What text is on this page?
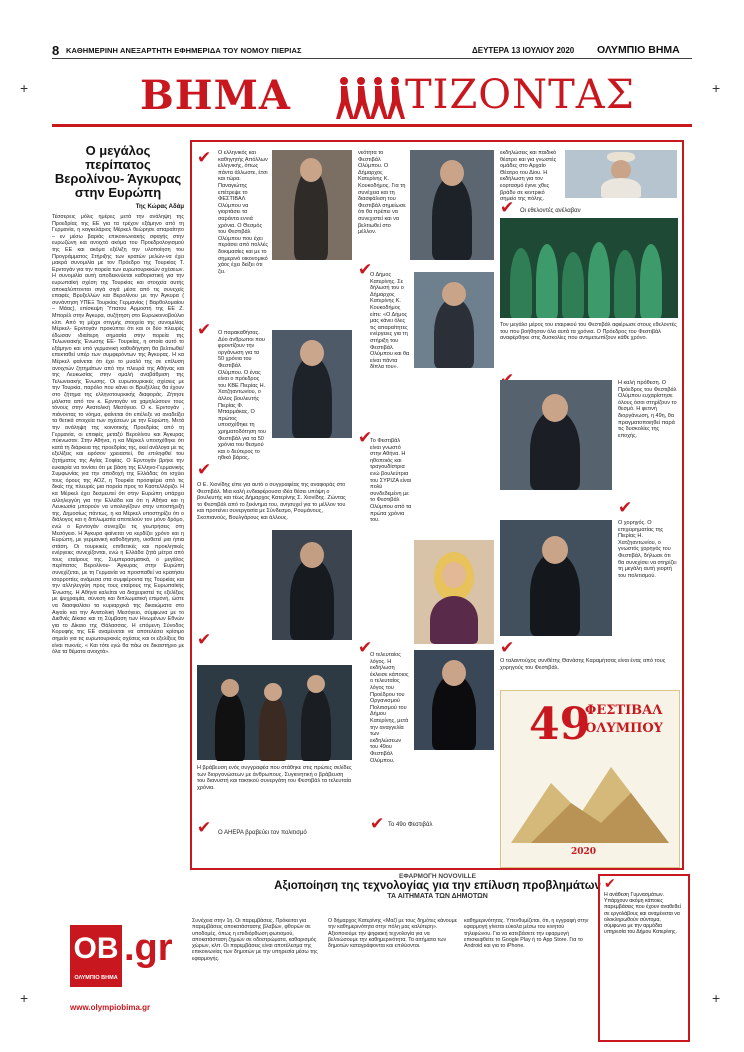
8 ΚΑΘΗΜΕΡΙΝΗ ΑΝΕΞΑΡΤΗΤΗ ΕΦΗΜΕΡΙΔΑ ΤΟΥ ΝΟΜΟΥ ΠΙΕΡΙΑΣ	ΔΕΥΤΕΡΑ 13 ΙΟΥΛΙΟΥ 2020 ΟΛΥΜΠΙΟ ΒΗΜΑ
+	+
+	+
ΒΗΜΑ	ΤΙΖΟΝΤΑΣ
Ο μεγάλος περίπατος Βερολίνου- Άγκυρας στην Ευρώπη
Της Κώρας Αδάμ
Τέσσερεις μόλις ημέρες μετά την ανάληψη της Προεδρίας της ΕΕ για τα τρέχον εξάμηνο από τη Γερμανία, η καγκελάριος Μέρκελ θεώρησε απαραίτητο – εν μέσω βαριάς επικοινωνιακής σφαγής στην ευρωζώνη και ανοιχτά ακόμα του Προεδρολογισμού της ΕΕ και ακόμα εξέλιξη την υλοποίηση του Προγράμματος Στήριξης των κρατών μελών-να έχει μακρά συνομιλία με τον Πρόεδρο της Τουρκίας Τ. Ερντογάν για την πορεία των ευρωτουρκικών σχέσεων. Η συνομιλία αυτή αποδεικνύεται καθοριστική για την ευρωπαϊκή σχέση της Τουρκίας και στοιχεία αυτής αποκαλύπτονται σιγά σιγά μέσα από τις συνεχείς επαφές Βρυξελλών και Βερολίνου με την Άγκυρα ( συνάντηση ΥΠΕΞ Τουρκίας Γερμανίας ( Βαρθολομαίου – Μάας), επίσκεψη Ύπατου Αρμοστή της ΕΕ Ζ. Μπορέλ στην Άγκυρα, συζήτηση στο Ευρωκοινοβούλιο κλπ. Από τη μέχρι στιγμής στοιχεία της συνομιλίας Μέρκελ- Ερντογάν προκύπτει ότι και οι δύο πλευρές έδωσαν ιδιαίτερη σημασία στην πορεία της Τελωνειακής Ένωσης ΕΕ- Τουρκίας, η οποία αυτό το εξάμηνο και υπό γερμανική καθοδήγηση θα βελτιωθεί/επεκταθεί υπέρ των συμφερόντων της Άγκυρας. Η κα Μέρκελ φαίνεται ότι έχει το μυαλό της σε επίλυση ανοιχτών ζητημάτων από την πλευρά της Αθήνας και της Λευκωσίας στην ομαλή αναβάθμιση της Τελωνειακής Ένωσης. Οι ευρωτουρκικές σχέσεις με την Τουρκία, παρόλο που κάνει οι Βρυξέλλες θα έχουν στο ζήτημα της ελληνοτουρκικής διαφοράς. Ζήτησε μάλιστα από τον κ. Ερντογάν να χαμηλώσουν τους τόνους στην Ανατολική Μεσόγειο. Ο κ. Ερντογάν , πιάνοντας το νόημα, φαίνεται ότι επέλεξε να αναδείξει τα θετικά στοιχεία των σχέσεων με την Ευρώπη. Μετά την ανάληψη της κοινοτικής Προεδρίας από τη Γερμανία, οι επαφές μεταξύ Βερολίνου και Άγκυρας πύκνωσαν. Στην Αθήνα, η κα Μέρκελ υποσχέθηκε ότι κατά τη διάρκεια της προεδρίας της, εκεί ανάλογα με τις εξελίξεις και εφόσον χρειαστεί, θα επιληφθεί του ζητήματος της Αγίας Σοφίας. Ο Ερντογάν βρήκε την ευκαιρία να τονίσει ότι με βάση της Ελληνο-Γερμανικής Συμφωνίας για την αποδοχή της Ελλάδας ότι ισχύει τους όρους της ΑΟΖ, η Τουρκία προσφέρει από τις δικές της πλευρές μια πορεία προς το Καστελλόριζο. Η κα Μέρκελ έχει δεσμευτεί ότι στην Ευρώπη υπάρχει αλληλεγγύη για την Ελλάδα και ότι η Αθήνα και η Λευκωσία μπορούν να υπολογίζουν στην υποστήριξή της. Δημοσίως πάντως, η κα Μέρκελ υποστηρίζει ότι ο διάλογος και η διπλωματία αποτελούν τον μόνο δρόμο, ενώ ο Ερντογάν συνεχίζει τις γεωτρήσεις στη Μεσόγειο. Η Άγκυρα φαίνεται να κερδίζει χρόνο και η Ευρώπη, με γερμανική καθοδήγηση, υιοθετεί μια ήπια στάση. Οι τουρκικές επιθετικές και προκλητικές ενέργειες συνεχίζονται, ενώ η Ελλάδα ζητά μέτρα από τους εταίρους της. Συμπερασματικά, ο μεγάλος περίπατος Βερολίνου- Άγκυρας στην Ευρώπη συνεχίζεται, με τη Γερμανία να προσπαθεί να κρατήσει ισορροπίες ανάμεσα στα συμφέροντα της Τουρκίας και την αλληλεγγύη προς τους εταίρους της Ευρωπαϊκής Ένωσης. Η Αθήνα καλείται να διαχειριστεί τις εξελίξεις με ψυχραιμία, σύνεση και διπλωματική επιμονή, ώστε να διασφαλίσει τα κυριαρχικά της δικαιώματα στο Αιγαίο και την Ανατολική Μεσόγειο, σύμφωνα με το Διεθνές Δίκαιο και τη Σύμβαση των Ηνωμένων Εθνών για το Δίκαιο της Θάλασσας. Η επόμενη Σύνοδος Κορυφής της ΕΕ αναμένεται να αποτελέσει κρίσιμο σημείο για τις ευρωτουρκικές σχέσεις και οι εξελίξεις θα είναι πυκνές. « Και τότε εγώ θα πάω σε δικαστήριο με όλα τα θέματα ανοιχτά».
✔ Ο ελληνικός και καθηγητής Απόλλων ελληνικής, όπως πάντα άλλωστε, έτσι και τώρα. Παναγιώτης επέτρεψε το ΦΕΣΤΙΒΑΛ Ολύμπου να γιορτάσει τα σαράντα εννιά χρόνια. Ο Θεσμός του Φεστιβάλ Ολύμπου που έχει περάσει από πολλές δοκιμασίες και με το σημερινό οικονομικό χάος έχει δείξει ότι ζει.
✔ Ο παρακαθήσας. Δύο άνθρωποι που φροντίζουν την οργάνωση για τα 50 χρόνια του Φεστιβάλ Ολύμπου. Ο ένας είναι ο πρόεδρος του ΚΒΕ Πιερίας Η. Χατζηαντωνίου, ο άλλος βουλευτής Πιερίας Φ. Μπαρμάκας. Ο πρώτος υποσχέθηκε τη χρηματοδότηση του Φεστιβάλ για τα 50 χρόνια του θεσμού και ο δεύτερος το ηθικό βάρος.
✔
Ο Ε. Χιονίδης είπε για αυτό ο συγγραφέας της αναφοράς στο Φεστιβάλ. Μια καλή ενδιαφέρουσα ιδέα θέσει υπόψη ο βουλευτής και τέως Δήμαρχος Κατερίνης Σ. Χιονίδης. Ζώντας το Φεστιβάλ από το ξεκίνημα του, ανησυχεί για το μέλλον του και προτείνει συνεργασία με Σύνδεσμο, Ρουμάνους, Σκοπιανούς, Βουλγάρους και άλλους.
✔
Η βράβευση ενός συγγραφέα που στάθηκε στις πρώτες σελίδες των διοργανώσεων με άνθρωπους. Συγκινητική ο βράβευση του διανυστή και τακτικού συνεργάτη του Φεστιβάλ τα τελευταία χρόνια.
✔ Ο ΑΗΕΡΑ βραβεύει τον πολιτισμό
νεότητα το Φεστιβάλ Ολύμπου. Ο Δήμαρχος Κατερίνης Κ. Κουκοδήμος. Για τη συνέχεια και τη διασφάλιση του Φεστιβάλ σημείωσε ότι θα πρέπει να συνεχιστεί και να βελτιωθεί στο μέλλον.
✔
Ο Δήμος Κατερίνης. Σε δήλωσή του ο Δήμαρχος Κατερίνης Κ. Κουκοδήμος είπε: «Ο Δήμος μας κάνει όλες τις απαραίτητες ενέργειες για τη στήριξη του Φεστιβάλ Ολύμπου και θα είναι πάντα δίπλα του».
✔
Το Φεστιβάλ είναι γνωστό στην Αθήνα. Η ηθοποιός και τραγουδίστρια ενώ βουλεύτρια του ΣΥΡΙΖΑ είναι πολύ συνδεδεμένη με το Φεστιβάλ Ολύμπου από τα πρώτα χρόνια του.
✔
Ο τελευταίος λόγος. Η εκδήλωση έκλεισε κάποιος ο τελευταίος λόγος του Προέδρου του Οργανισμού Πολιτισμού του Δήμου Κατερίνης, μετά την αναγγελία των εκδηλώσεων του 49ου Φεστιβάλ Ολύμπου.
✔ Το 49ο Φεστιβάλ
εκδηλώσεις και παιδικό θέατρο και για γνωστές ομάδες στο Αρχαίο Θέατρο του Δίου. Η εκδήλωση για τον εορτασμό έγινε χθες βράδυ σε κεντρικό σημείο της πόλης.
✔ Οι εθελοντές ανέλαβαν
Τον μεγάλο μέρος του εταιρικού του Φεστιβάλ αφιέρωσε στους εθελοντές του που βοήθησαν όλα αυτά τα χρόνια. Ο Πρόεδρος του Φεστιβάλ αναφέρθηκε στις δυσκολίες που αντιμετωπίζουν κάθε χρόνο.
Η καλή πρόθεση. Ο Πρόεδρος του Φεστιβάλ Ολύμπου ευχαρίστησε όλους όσοι στηρίζουν το θεσμό. Η φετινή διοργάνωση, η 49η, θα πραγματοποιηθεί παρά τις δυσκολίες της εποχής.
✔
Ο χορηγός. Ο επιχειρηματίας της Πιερίας Η. Χατζηαντωνίου, ο γνωστός χορηγός του Φεστιβάλ, δήλωσε ότι θα συνεχίσει να στηρίζει τη μεγάλη αυτή γιορτή του πολιτισμού.
✔
Ο ταλαντούχος συνθέτης Θανάσης Καραμήτσας είναι ένας από τους χορηγούς του Φεστιβάλ.
49
ΦΕΣΤΙΒΑΛ
ΟΛΥΜΠΟΥ
2020
ΕΦΑΡΜΟΓΗ NOVOVILLE
Αξιοποίηση της τεχνολογίας για την επίλυση προβλημάτων
ΤΑ ΑΙΤΗΜΑΤΑ ΤΩΝ ΔΗΜΟΤΩΝ
Συνέχεια στην 1η. Οι παρεμβάσεις. Πρόκειται για παρεμβάσεις αποκατάστασης βλαβών, φθορών σε υποδομές, όπως η επιδιόρθωση φωτισμού, αποκατάσταση ζημιών σε οδοστρώματα, καθαρισμός χώρων, κλπ. Οι παρεμβάσεις είναι αποτέλεσμα της επικοινωνίας των δημοτών με την υπηρεσία μέσω της εφαρμογής.
Ο δήμαρχος Κατερίνης «Μαζί με τους δημότες κάνουμε την καθημερινότητα στην πόλη μας καλύτερη». Αξιοποιούμε την ψηφιακή τεχνολογία για να βελτιώσουμε την καθημερινότητα. Τα αιτήματα των δημοτών καταγράφονται και επιλύονται.
καθημερινότητας. Υπενθυμίζεται, ότι, η εγγραφή στην εφαρμογή γίνεται εύκολα μέσω του κινητού τηλεφώνου. Για να κατεβάσετε την εφαρμογή επισκεφθείτε το Google Play ή το App Store. Για το Android και για το iPhone.
✔
Η ανάθεση Γυμνασμάτων. Υπάρχουν ακόμη κάποιες παρεμβάσεις που έχουν αναθεθεί σε εργολάβους και αναμένεται να ολοκληρωθούν σύντομα, σύμφωνα με την αρμόδια υπηρεσία του Δήμου Κατερίνης.
ΟΒ
ΟΛΥΜΠΙΟ ΒΗΜΑ
.gr
www.olympiobima.gr
